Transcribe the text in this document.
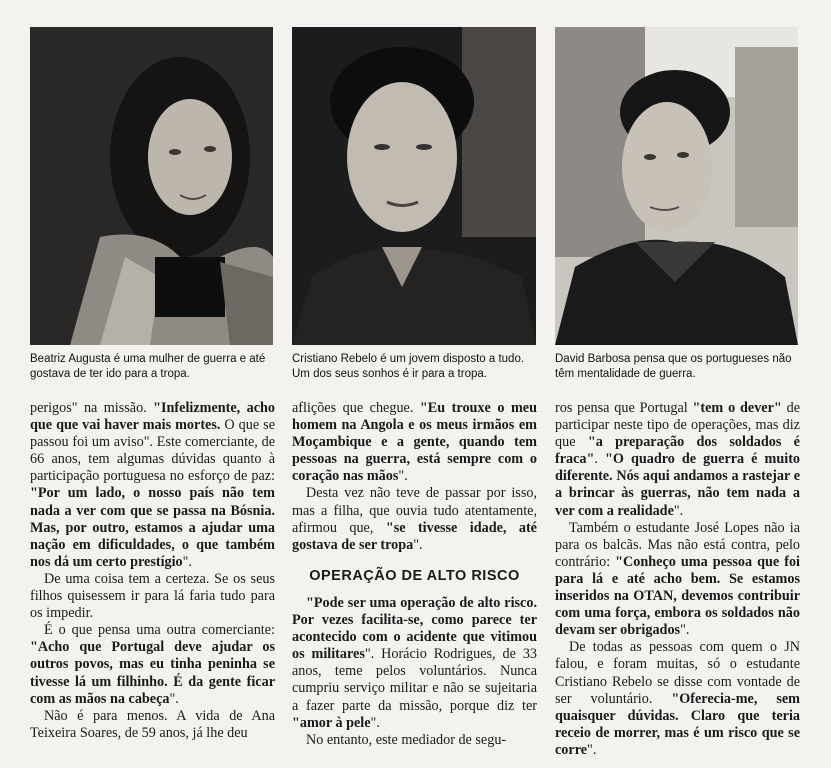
Beatriz Augusta é uma mulher de guerra e até gostava de ter ido para a tropa.
Cristiano Rebelo é um jovem disposto a tudo. Um dos seus sonhos é ir para a tropa.
David Barbosa pensa que os portugueses não têm mentalidade de guerra.

perigos" na missão. "Infelizmente, acho que que vai haver mais mortes. O que se passou foi um aviso". Este comerciante, de 66 anos, tem algumas dúvidas quanto à participação portuguesa no esforço de paz: "Por um lado, o nosso país não tem nada a ver com que se passa na Bósnia. Mas, por outro, estamos a ajudar uma nação em dificuldades, o que também nos dá um certo prestígio".

De uma coisa tem a certeza. Se os seus filhos quisessem ir para lá faria tudo para os impedir.

É o que pensa uma outra comerciante: "Acho que Portugal deve ajudar os outros povos, mas eu tinha peninha se tivesse lá um filhinho. É da gente ficar com as mãos na cabeça".

Não é para menos. A vida de Ana Teixeira Soares, de 59 anos, já lhe deu

aflições que chegue. "Eu trouxe o meu homem na Angola e os meus irmãos em Moçambique e a gente, quando tem pessoas na guerra, está sempre com o coração nas mãos".

Desta vez não teve de passar por isso, mas a filha, que ouvia tudo atentamente, afirmou que, "se tivesse idade, até gostava de ser tropa".

OPERAÇÃO DE ALTO RISCO

"Pode ser uma operação de alto risco. Por vezes facilita-se, como parece ter acontecido com o acidente que vitimou os militares". Horácio Rodrigues, de 33 anos, teme pelos voluntários. Nunca cumpriu serviço militar e não se sujeitaria a fazer parte da missão, porque diz ter "amor à pele".

No entanto, este mediador de segu-

ros pensa que Portugal "tem o dever" de participar neste tipo de operações, mas diz que "a preparação dos soldados é fraca". "O quadro de guerra é muito diferente. Nós aqui andamos a rastejar e a brincar às guerras, não tem nada a ver com a realidade".

Também o estudante José Lopes não ia para os balcãs. Mas não está contra, pelo contrário: "Conheço uma pessoa que foi para lá e até acho bem. Se estamos inseridos na OTAN, devemos contribuir com uma força, embora os soldados não devam ser obrigados".

De todas as pessoas com quem o JN falou, e foram muitas, só o estudante Cristiano Rebelo se disse com vontade de ser voluntário. "Oferecia-me, sem quaisquer dúvidas. Claro que teria receio de morrer, mas é um risco que se corre".
